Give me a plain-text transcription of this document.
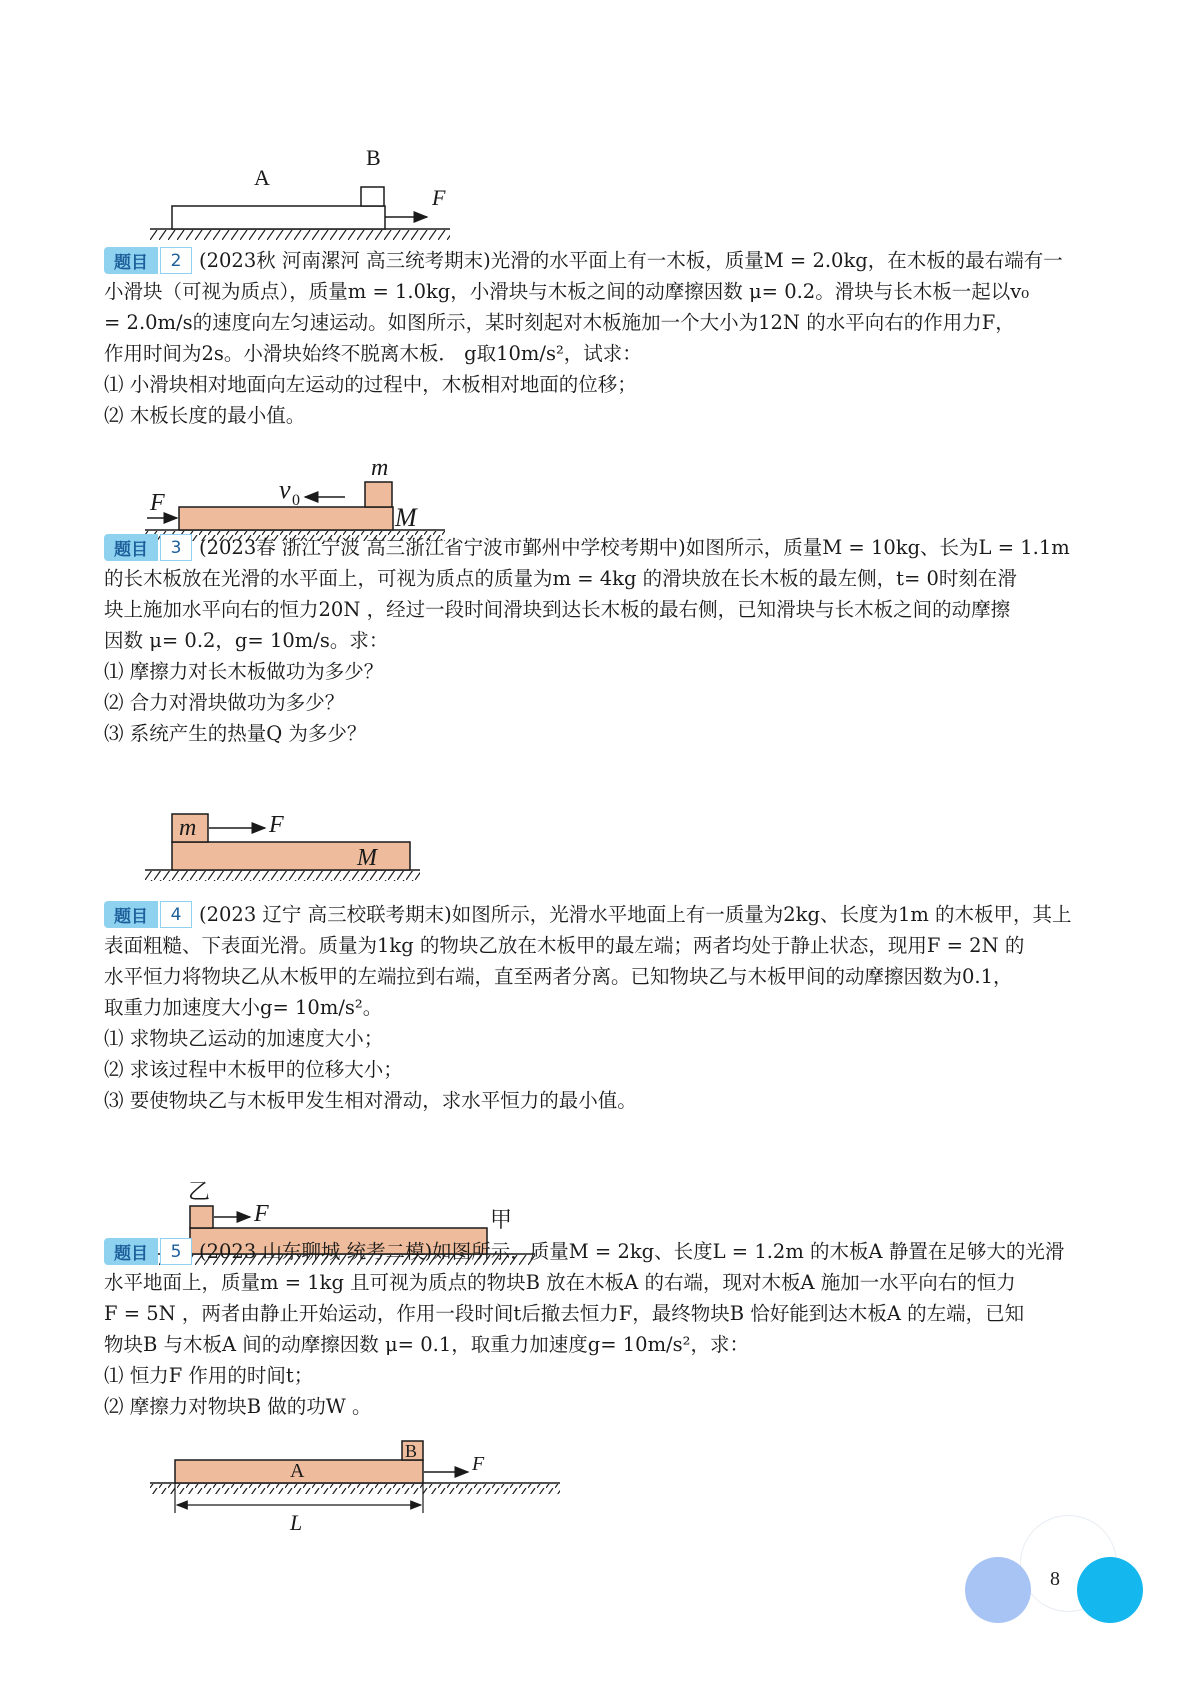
A
B
F
题目	2 (2023秋 河南漯河 高三统考期末)光滑的水平面上有一木板，质量M = 2.0kg，在木板的最右端有一
小滑块（可视为质点），质量m = 1.0kg，小滑块与木板之间的动摩擦因数 μ= 0.2。滑块与长木板一起以v₀
= 2.0m/s的速度向左匀速运动。如图所示，某时刻起对木板施加一个大小为12N 的水平向右的作用力F，
作用时间为2s。小滑块始终不脱离木板． g取10m/s²，试求：
⑴ 小滑块相对地面向左运动的过程中，木板相对地面的位移；
⑵ 木板长度的最小值。
F	v 0
m
M
题目	3 (2023春 浙江宁波 高三浙江省宁波市鄞州中学校考期中)如图所示，质量M = 10kg、长为L = 1.1m
的长木板放在光滑的水平面上，可视为质点的质量为m = 4kg 的滑块放在长木板的最左侧，t= 0时刻在滑
块上施加水平向右的恒力20N ，经过一段时间滑块到达长木板的最右侧，已知滑块与长木板之间的动摩擦
因数 μ= 0.2，g= 10m/s。求：
⑴ 摩擦力对长木板做功为多少？
⑵ 合力对滑块做功为多少？
⑶ 系统产生的热量Q 为多少？
m	F
M
题目	4 (2023 辽宁 高三校联考期末)如图所示，光滑水平地面上有一质量为2kg、长度为1m 的木板甲，其上
表面粗糙、下表面光滑。质量为1kg 的物块乙放在木板甲的最左端；两者均处于静止状态，现用F = 2N 的
水平恒力将物块乙从木板甲的左端拉到右端，直至两者分离。已知物块乙与木板甲间的动摩擦因数为0.1，
取重力加速度大小g= 10m/s²。
⑴ 求物块乙运动的加速度大小；
⑵ 求该过程中木板甲的位移大小；
⑶ 要使物块乙与木板甲发生相对滑动，求水平恒力的最小值。
乙
F	甲
题目	5 (2023 山东聊城 统考二模)如图所示，质量M = 2kg、长度L = 1.2m 的木板A 静置在足够大的光滑
水平地面上，质量m = 1kg 且可视为质点的物块B 放在木板A 的右端，现对木板A 施加一水平向右的恒力
F = 5N ，两者由静止开始运动，作用一段时间t后撤去恒力F，最终物块B 恰好能到达木板A 的左端，已知
物块B 与木板A 间的动摩擦因数 μ= 0.1，取重力加速度g= 10m/s²，求：
⑴ 恒力F 作用的时间t；
⑵ 摩擦力对物块B 做的功W 。
A
B
F
L
8
